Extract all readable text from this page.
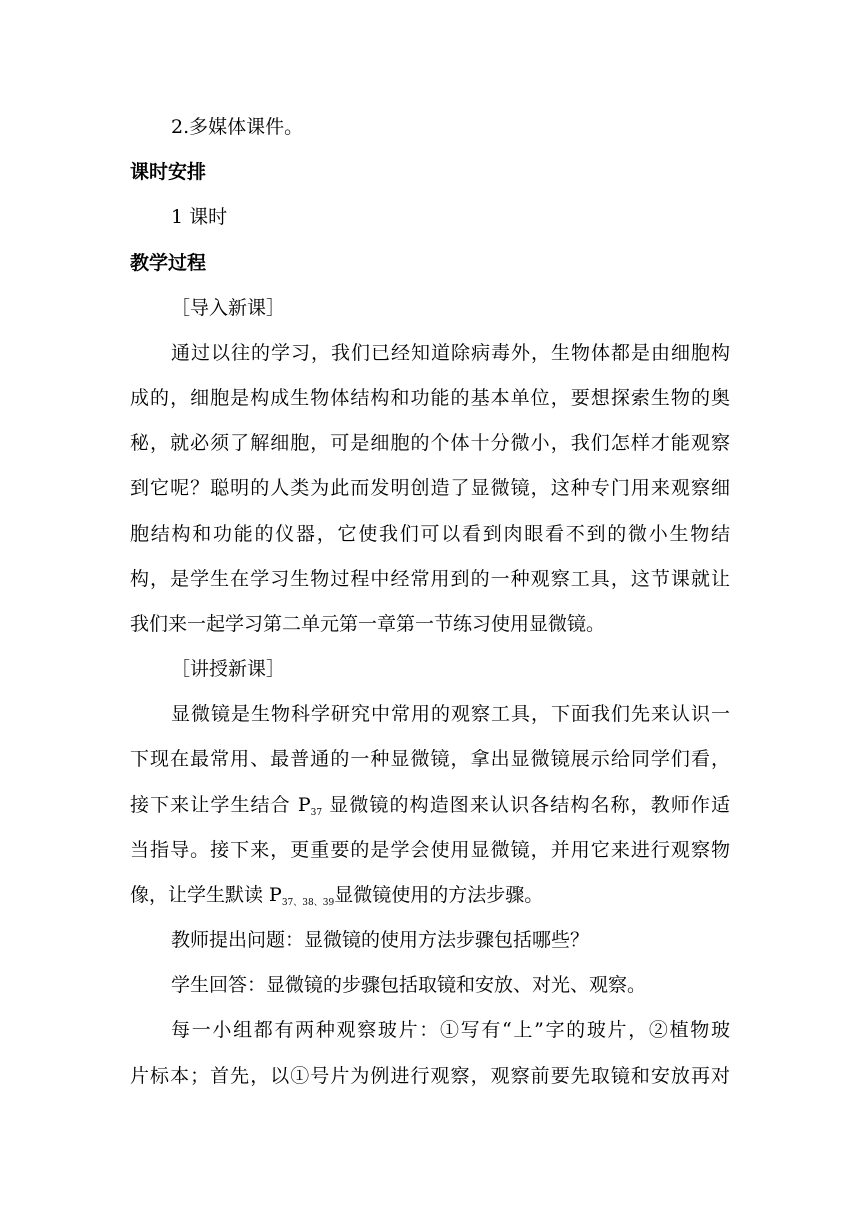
2.多媒体课件。
课时安排
1 课时
教学过程
［导入新课］
通过以往的学习，我们已经知道除病毒外，生物体都是由细胞构
成的，细胞是构成生物体结构和功能的基本单位，要想探索生物的奥
秘，就必须了解细胞，可是细胞的个体十分微小，我们怎样才能观察
到它呢？聪明的人类为此而发明创造了显微镜，这种专门用来观察细
胞结构和功能的仪器，它使我们可以看到肉眼看不到的微小生物结
构，是学生在学习生物过程中经常用到的一种观察工具，这节课就让
我们来一起学习第二单元第一章第一节练习使用显微镜。
［讲授新课］
显微镜是生物科学研究中常用的观察工具，下面我们先来认识一
下现在最常用、最普通的一种显微镜，拿出显微镜展示给同学们看，
接下来让学生结合 $P_{37}$ 显微镜的构造图来认识各结构名称，教师作适
当指导。接下来，更重要的是学会使用显微镜，并用它来进行观察物
像，让学生默读 $P_{37、38、39}$显微镜使用的方法步骤。
教师提出问题：显微镜的使用方法步骤包括哪些？
学生回答：显微镜的步骤包括取镜和安放、对光、观察。
每一小组都有两种观察玻片：①写有“上”字的玻片，②植物玻
片标本；首先，以①号片为例进行观察，观察前要先取镜和安放再对
